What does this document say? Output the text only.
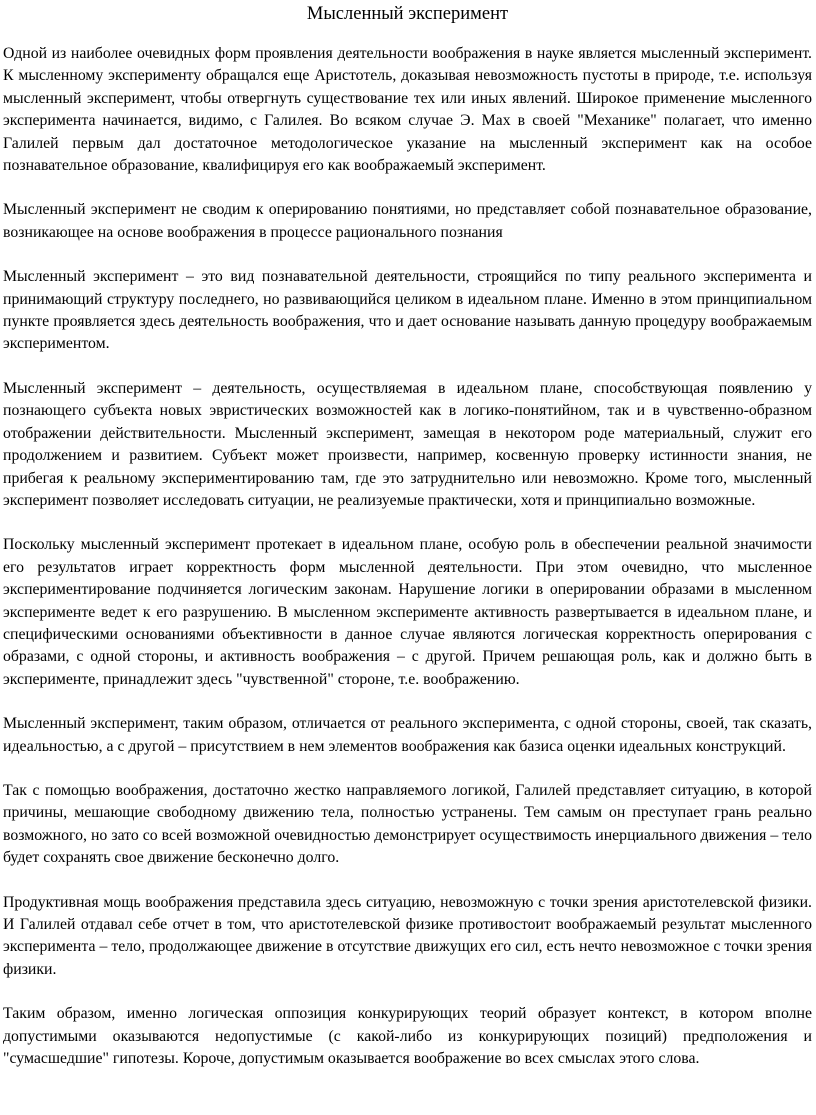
Мысленный эксперимент

Одной из наиболее очевидных форм проявления деятельности воображения в науке является мысленный эксперимент. К мысленному эксперименту обращался еще Аристотель, доказывая невозможность пустоты в природе, т.е. используя мысленный эксперимент, чтобы отвергнуть существование тех или иных явлений. Широкое применение мысленного эксперимента начинается, видимо, с Галилея. Во всяком случае Э. Мах в своей "Механике" полагает, что именно Галилей первым дал достаточное методологическое указание на мысленный эксперимент как на особое познавательное образование, квалифицируя его как воображаемый эксперимент.

Мысленный эксперимент не сводим к оперированию понятиями, но представляет собой познавательное образование, возникающее на основе воображения в процессе рационального познания

Мысленный эксперимент – это вид познавательной деятельности, строящийся по типу реального эксперимента и принимающий структуру последнего, но развивающийся целиком в идеальном плане. Именно в этом принципиальном пункте проявляется здесь деятельность воображения, что и дает основание называть данную процедуру воображаемым экспериментом.

Мысленный эксперимент – деятельность, осуществляемая в идеальном плане, способствующая появлению у познающего субъекта новых эвристических возможностей как в логико-понятийном, так и в чувственно-образном отображении действительности. Мысленный эксперимент, замещая в некотором роде материальный, служит его продолжением и развитием. Субъект может произвести, например, косвенную проверку истинности знания, не прибегая к реальному экспериментированию там, где это затруднительно или невозможно. Кроме того, мысленный эксперимент позволяет исследовать ситуации, не реализуемые практически, хотя и принципиально возможные.

Поскольку мысленный эксперимент протекает в идеальном плане, особую роль в обеспечении реальной значимости его результатов играет корректность форм мысленной деятельности. При этом очевидно, что мысленное экспериментирование подчиняется логическим законам. Нарушение логики в оперировании образами в мысленном эксперименте ведет к его разрушению. В мысленном эксперименте активность развертывается в идеальном плане, и специфическими основаниями объективности в данное случае являются логическая корректность оперирования с образами, с одной стороны, и активность воображения – с другой. Причем решающая роль, как и должно быть в эксперименте, принадлежит здесь "чувственной" стороне, т.е. воображению.

Мысленный эксперимент, таким образом, отличается от реального эксперимента, с одной стороны, своей, так сказать, идеальностью, а с другой – присутствием в нем элементов воображения как базиса оценки идеальных конструкций.

Так с помощью воображения, достаточно жестко направляемого логикой, Галилей представляет ситуацию, в которой причины, мешающие свободному движению тела, полностью устранены. Тем самым он преступает грань реально возможного, но зато со всей возможной очевидностью демонстрирует осуществимость инерциального движения – тело будет сохранять свое движение бесконечно долго.

Продуктивная мощь воображения представила здесь ситуацию, невозможную с точки зрения аристотелевской физики. И Галилей отдавал себе отчет в том, что аристотелевской физике противостоит воображаемый результат мысленного эксперимента – тело, продолжающее движение в отсутствие движущих его сил, есть нечто невозможное с точки зрения физики.

Таким образом, именно логическая оппозиция конкурирующих теорий образует контекст, в котором вполне допустимыми оказываются недопустимые (с какой-либо из конкурирующих позиций) предположения и "сумасшедшие" гипотезы. Короче, допустимым оказывается воображение во всех смыслах этого слова.
